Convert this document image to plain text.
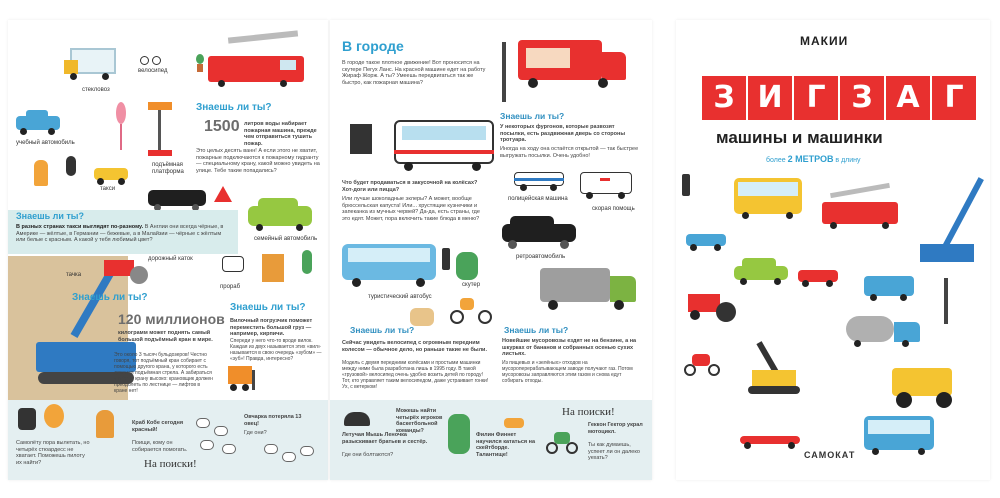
стекловоз
велосипед
учебный автомобиль
подъёмная платформа
Знаешь ли ты?
1500 литров воды набирает пожарная машина, прежде чем отправиться тушить пожар.
Это целых десять ванн! А если этого не хватит, пожарные подключаются к пожарному гидранту — специальному крану, какой можно увидеть на улице. Тебе такие попадались?
такси
Знаешь ли ты?
В разных странах такси выглядят по-разному. В Англии они всегда чёрные, в Америке — жёлтые, в Германии — бежевые, а в Малайзии — чёрные с жёлтым или белые с красным. А какой у тебя любимый цвет?	семейный автомобиль
дорожный каток
тачка
прораб
Знаешь ли ты?
120 миллионов
килограмм может поднять самый большой подъёмный кран в мире.
Это около 3 тысяч бульдозеров! Честно говоря, тот подъёмный кран собирает с помощью другого крана, у которого есть длинная подъёмная стрела. А забираться к кабине крану высоко: крановщик должен преодолеть по лестнице — лифтов в кране нет!
Знаешь ли ты?
Вилочный погрузчик поможет переместить большой груз — например, кирпичи.
Спереди у него что-то вроде вилок. Каждая из двух называется этих «вил» называется в свою очередь «зубом» — «зуб»! Правда, интересно?
Самолёту пора вылетать, но четырёх стюардесс не хватает. Поможешь пилоту их найти?
Краб Кобе сегодня красный!
Поищи, кому он собирается помогать.
Овчарка потеряла 13 овец!
Где они?
На поиски!
В городе
В городе такое плотное движение! Вот проносится на скутере Пегух Ланс. На красной машине едет на работу Жираф Жорж. А ты? Умеешь передвигаться так же быстро, как пожарная машина?
Что будет продаваться в закусочной на колёсах? Хот-доги или пицца?
Или лучше шоколадные эклеры? А может, вообще брюссельская капуста! Или... хрустящие кузнечики и запеканка из мучных червей? Да-да, есть страны, где это едят. Может, пора включить такие блюда в меню?
Знаешь ли ты?
У некоторых фургонов, которые развозят посылки, есть раздвижная дверь со стороны тротуара.
Иногда на ходу она остаётся открытой — так быстрее выгружать посылки. Очень удобно!
полицейская машина
скорая помощь
ретроавтомобиль
туристический автобус
скутер
Знаешь ли ты?
Сейчас увидеть велосипед с огромным передним колесом — обычное дело, но раньше такие не были.
Модель с двумя передними колёсами и простыми машинки между ними была разработана лишь в 1995 году. В такой «грузовой» велосипед очень удобно возить детей по городу! Тот, кто управляет таким велосипедом, даже устраивает гонки! Ух, с ветерком!
Знаешь ли ты?
Новейшие мусоровозы ездят не на бензине, а на шкурках от бананов и собранных осенью сухих листьях.
Из пищевых и «зелёных» отходов на мусороперерабатывающем заводе получают газ. Потом мусоровозы заправляются этим газом и снова едут собирать отходы.
Летучая Мышь Леночка разыскивает братьев и сестёр.
Где они болтаются?
Можешь найти четырёх игроков баскетбольной команды?
Филин Финнет научился кататься на скейтборде. Талантище!
На поиски!
Геккон Гектор украл мотоцикл.
Ты как думаешь, успеет ли он далеко уехать?
МАКИИ
З И Г З А Г
машины и машинки
более 2 МЕТРОВ в длину
САМОКАТ
